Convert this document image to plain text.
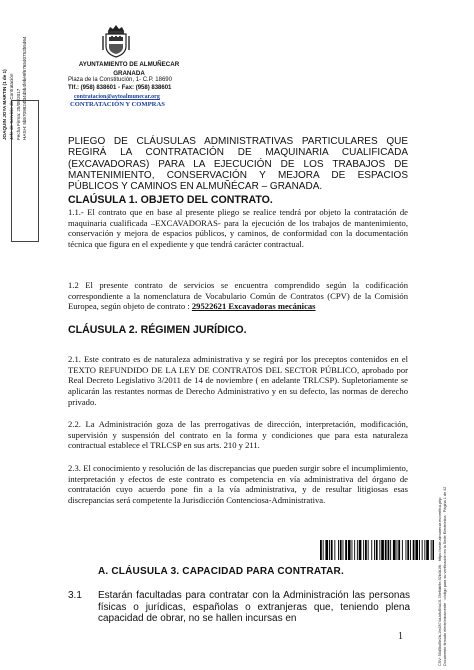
AYUNTAMIENTO DE ALMUÑECAR
GRANADA
Plaza de la Constitución, 1- C.P. 18690
Tlf.: (958) 838601 - Fax: (958) 838601
contratacion@aytoalmunecar.org
CONTRATACIÓN Y COMPRAS
JOAQUIN JOYA MARTIN (1 de 1) Jefe de Servicio de Contratación Fecha Firma: 25/05/2017 HASH: 5b5709824f34d5b4febe9f6765d0752b5d64
CSV: 50d5bd5e2b-1fe2874d-b8d94a15-78e8db9e-92b4b1fb · https://sede.almunecar.es/verifica.php Documento firmado electrónicamente · código para su verificación en la Sede Electrónica · Página 1 de 42
PLIEGO DE CLÁUSULAS ADMINISTRATIVAS PARTICULARES QUE REGIRÁ LA CONTRATACIÓN DE MAQUINARIA CUALIFICADA (EXCAVADORAS) PARA LA EJECUCIÓN DE LOS TRABAJOS DE MANTENIMIENTO, CONSERVACIÓN Y MEJORA DE ESPACIOS PÚBLICOS Y CAMINOS EN ALMUÑÉCAR – GRANADA.
CLAÚSULA 1. OBJETO DEL CONTRATO.
1.1.- El contrato que en base al presente pliego se realice tendrá por objeto la contratación de maquinaria cualificada –EXCAVADORAS- para la ejecución de los trabajos de mantenimiento, conservación y mejora de espacios públicos, y caminos, de conformidad con la documentación técnica que figura en el expediente y que tendrá carácter contractual.
1.2 El presente contrato de servicios se encuentra comprendido según la codificación correspondiente a la nomenclatura de Vocabulario Común de Contratos (CPV) de la Comisión Europea, según objeto de contrato : 29522621 Excavadoras mecánicas
CLÁUSULA 2. RÉGIMEN JURÍDICO.
2.1. Este contrato es de naturaleza administrativa y se regirá por los preceptos contenidos en el TEXTO REFUNDIDO DE LA LEY DE CONTRATOS DEL SECTOR PÚBLICO, aprobado por Real Decreto Legislativo 3/2011 de 14 de noviembre ( en adelante TRLCSP). Supletoriamente se aplicarán las restantes normas de Derecho Administrativo y en su defecto, las normas de derecho privado.
2.2. La Administración goza de las prerrogativas de dirección, interpretación, modificación, supervisión y suspensión del contrato en la forma y condiciones que para esta naturaleza contractual establece el TRLCSP en sus arts. 210 y 211.
2.3. El conocimiento y resolución de las discrepancias que pueden surgir sobre el incumplimiento, interpretación y efectos de este contrato es competencia en vía administrativa del órgano de contratación cuyo acuerdo pone fin a la vía administrativa, y de resultar litigiosas esas discrepancias será competente la Jurisdicción Contenciosa-Administrativa.
A. CLÁUSULA 3. CAPACIDAD PARA CONTRATAR.
3.1 Estarán facultadas para contratar con la Administración las personas físicas o jurídicas, españolas o extranjeras que, teniendo plena capacidad de obrar, no se hallen incursas en
1
